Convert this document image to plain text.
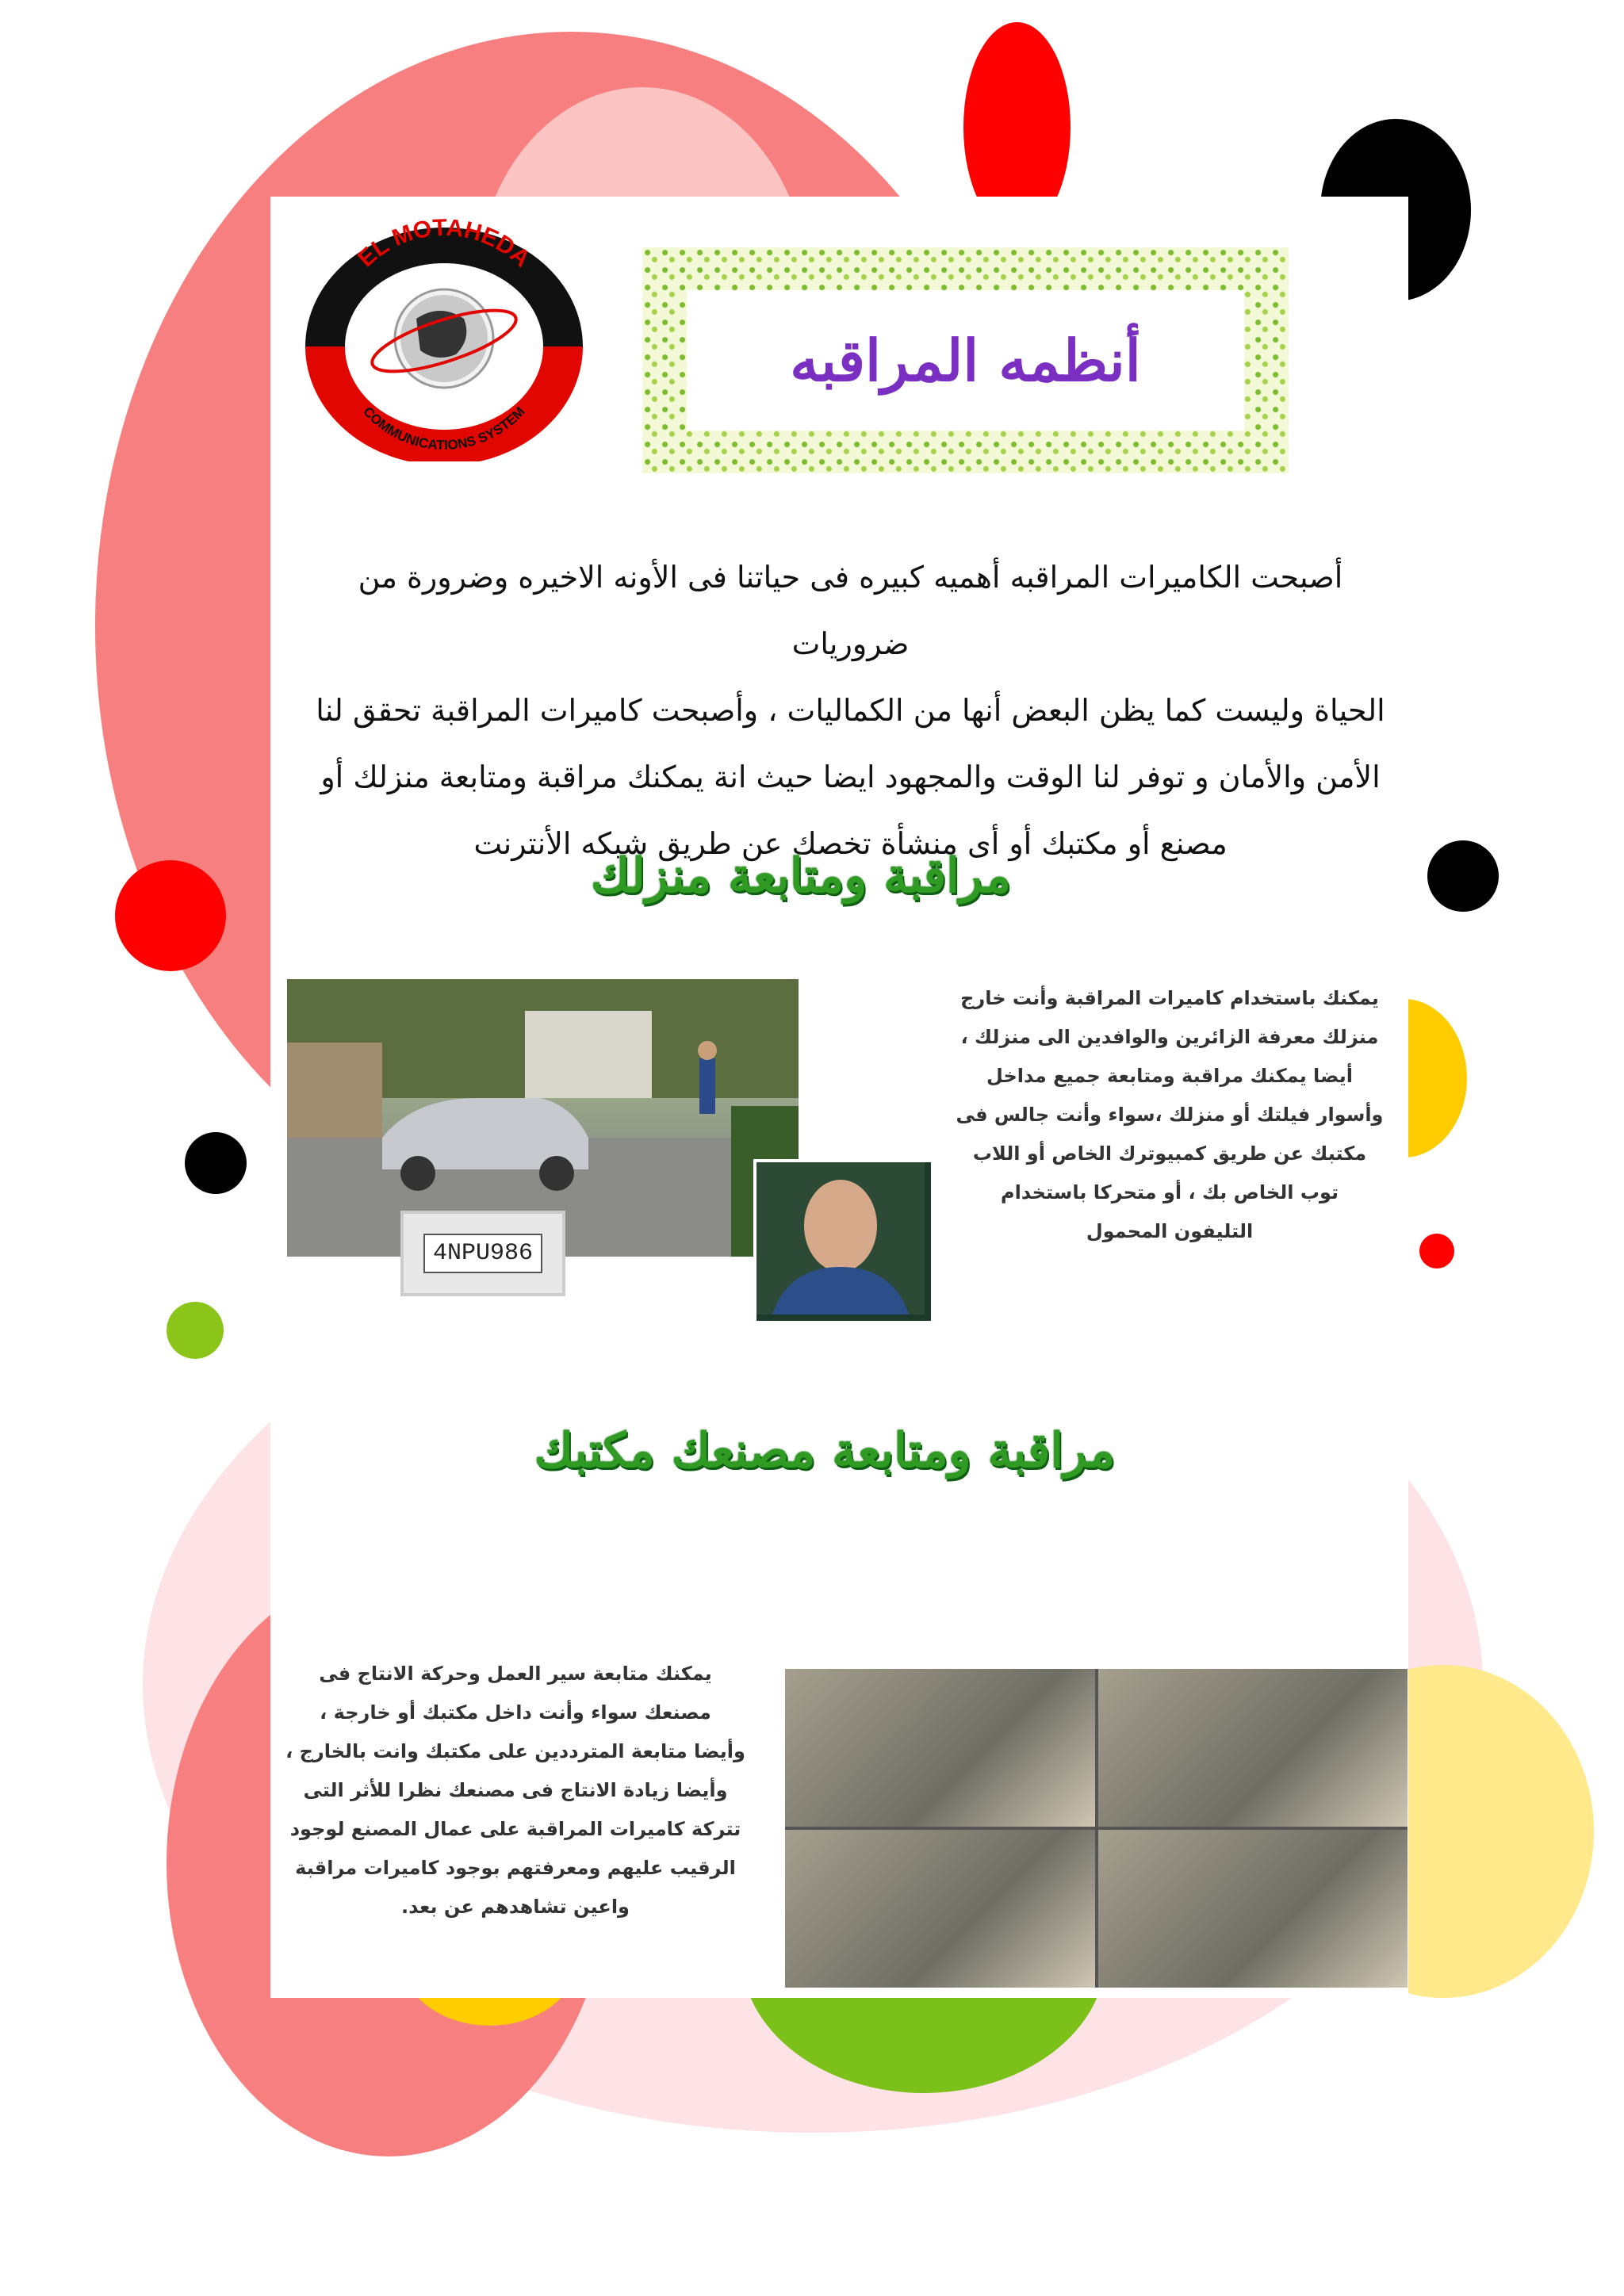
EL MOTAHEDA
COMMUNICATIONS SYSTEM
أنظمه المراقبه
أصبحت الكاميرات المراقبه أهميه كبيره فى حياتنا فى الأونه الاخيره وضرورة من ضروريات
الحياة وليست كما يظن البعض أنها من الكماليات ، وأصبحت كاميرات المراقبة تحقق لنا
الأمن والأمان و توفر لنا الوقت والمجهود ايضا حيث انة يمكنك مراقبة ومتابعة منزلك أو
مصنع أو مكتبك أو أى منشأة تخصك عن طريق شبكه الأنترنت
مراقبة ومتابعة منزلك
4NPU986
يمكنك باستخدام كاميرات المراقبة وأنت خارج
منزلك معرفة الزائرين والوافدين الى منزلك ،
أيضا يمكنك مراقبة ومتابعة جميع مداخل
وأسوار فيلتك أو منزلك ،سواء وأنت جالس فى
مكتبك عن طريق كمبيوترك الخاص أو اللاب
توب الخاص بك ، أو متحركا باستخدام
التليفون المحمول
مراقبة ومتابعة مصنعك مكتبك
يمكنك متابعة سير العمل وحركة الانتاج فى
مصنعك سواء وأنت داخل مكتبك أو خارجة ،
وأيضا متابعة المترددين على مكتبك وانت بالخارج ،
وأيضا زيادة الانتاج فى مصنعك نظرا للأثر التى
تتركة كاميرات المراقبة على عمال المصنع لوجود
الرقيب عليهم ومعرفتهم بوجود كاميرات مراقبة
واعين تشاهدهم عن بعد.
